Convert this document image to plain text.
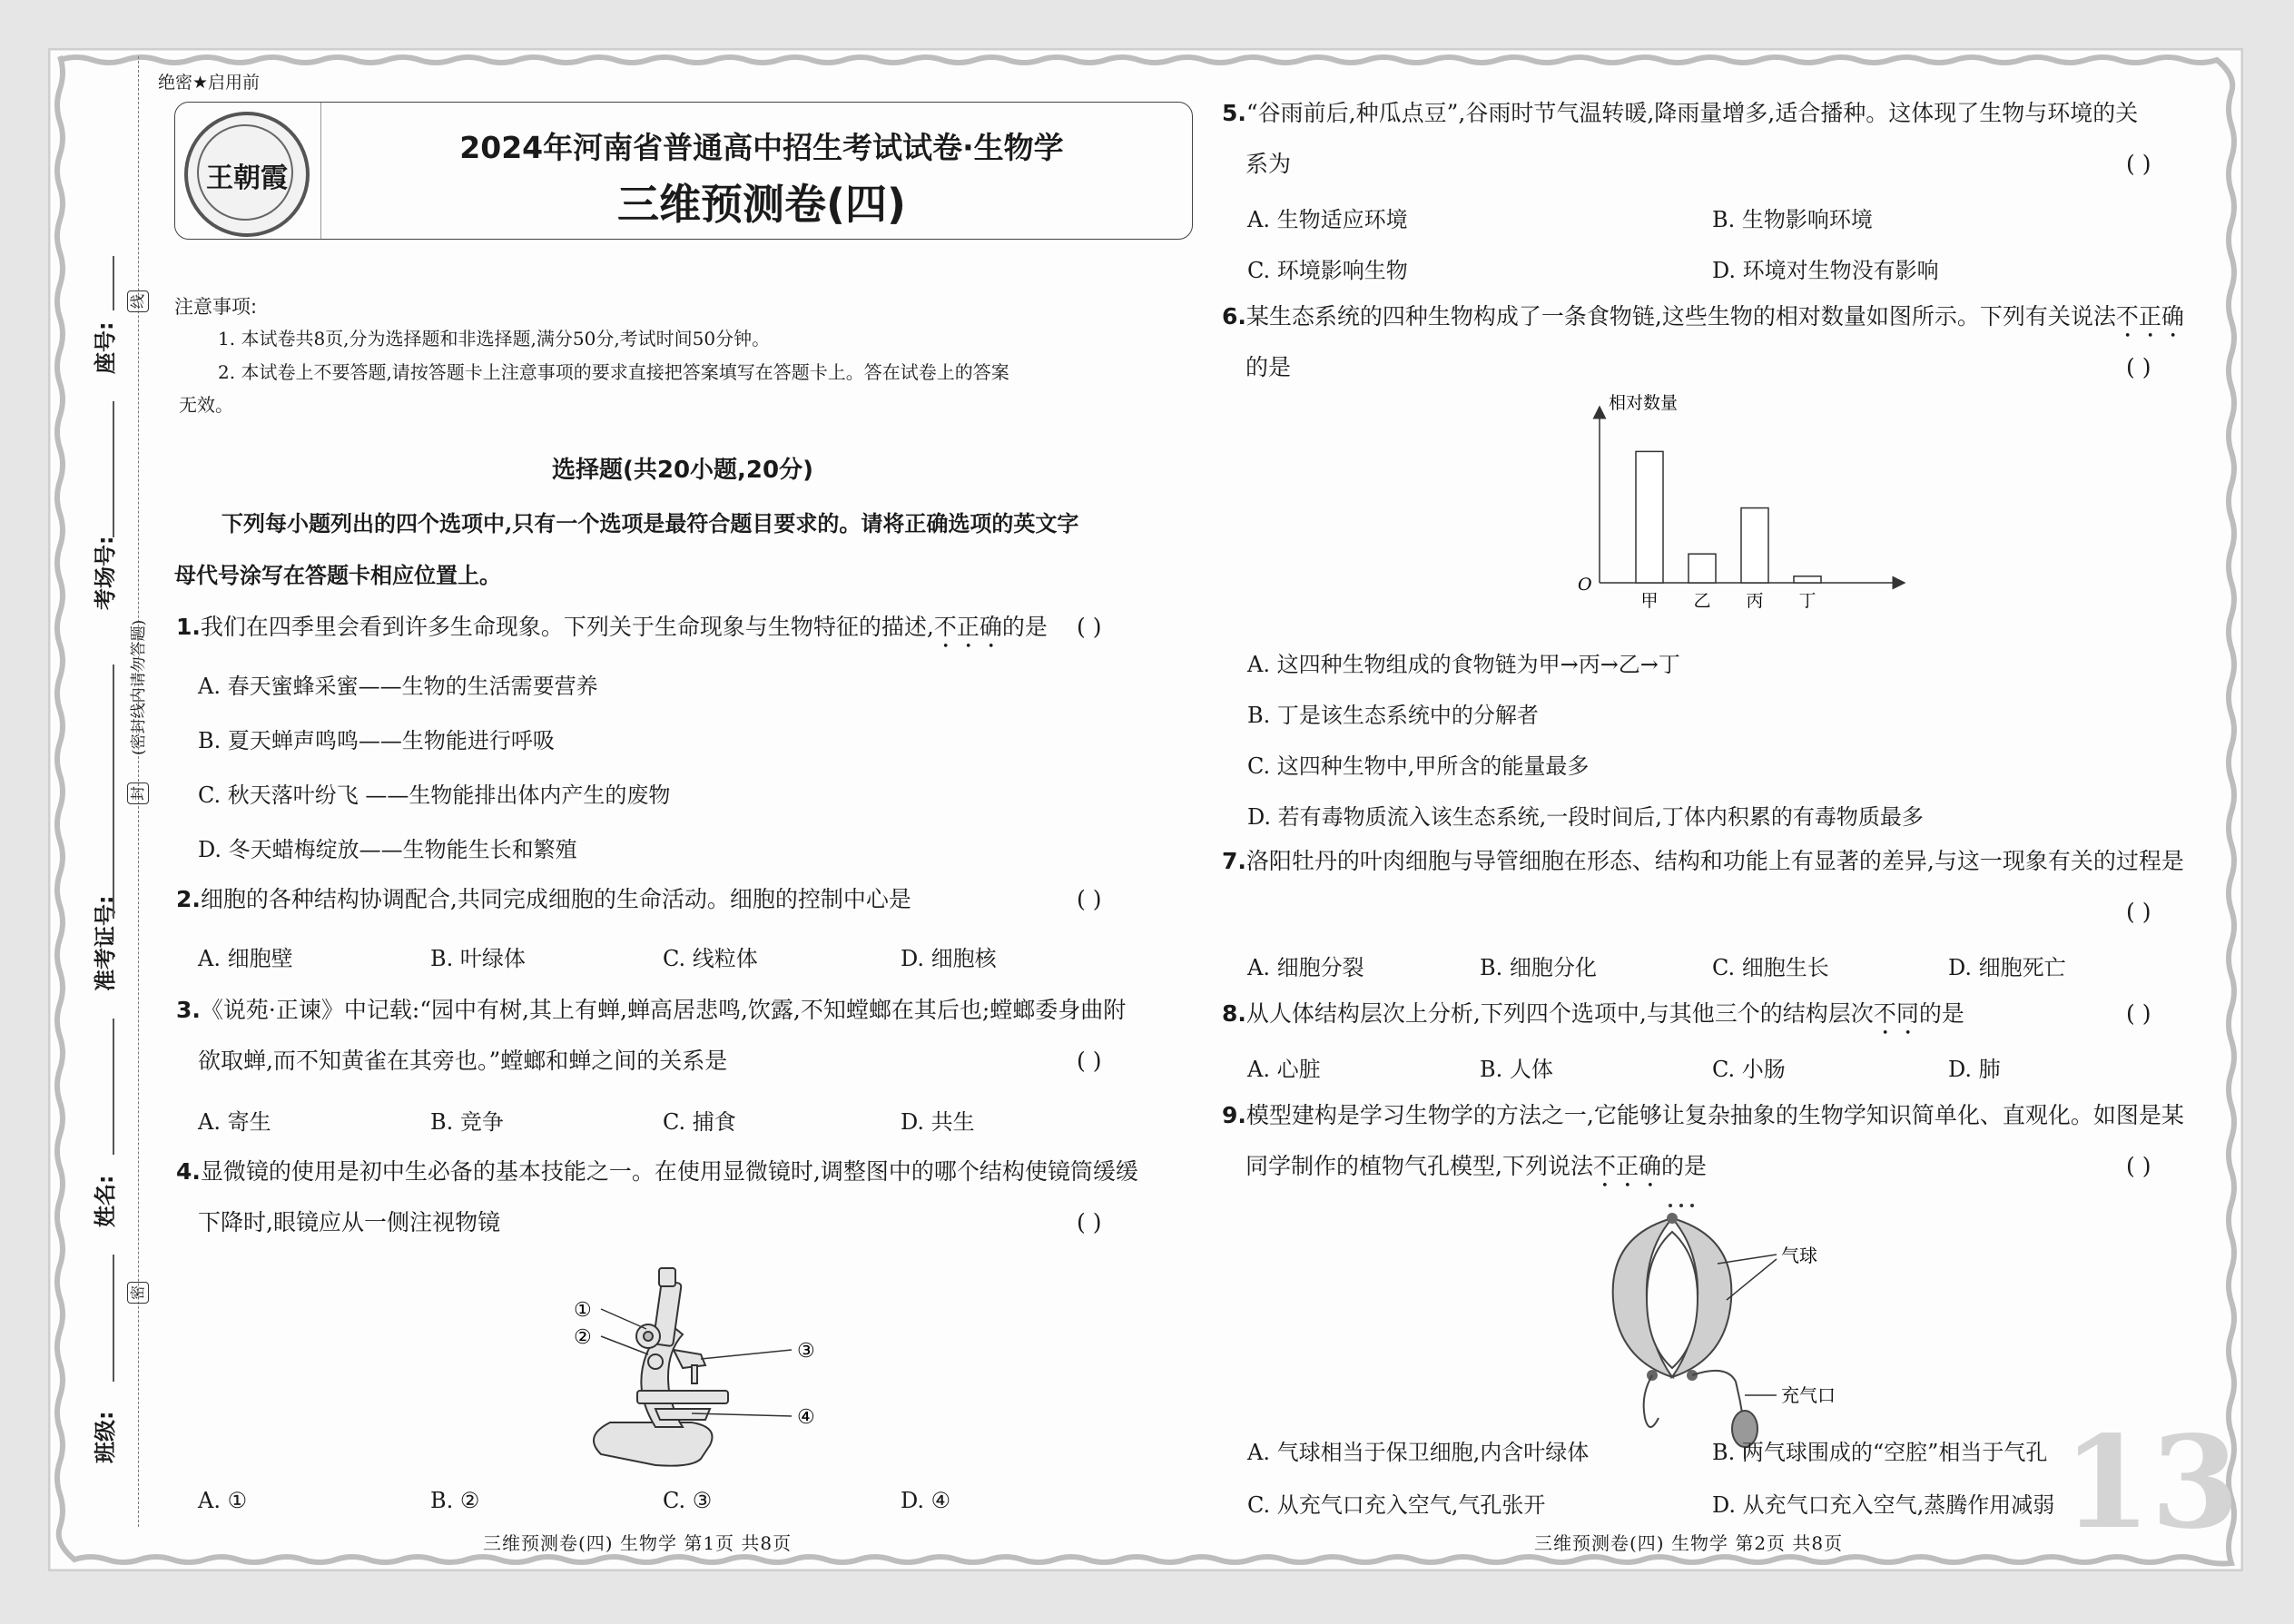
座号:
考场号:
准考证号:
姓名:
班级:
线
封
密
(密封线内请勿答题)
绝密★启用前
王朝霞
2024年河南省普通高中招生考试试卷·生物学
三维预测卷(四)
注意事项:
1. 本试卷共8页,分为选择题和非选择题,满分50分,考试时间50分钟。
2. 本试卷上不要答题,请按答题卡上注意事项的要求直接把答案填写在答题卡上。答在试卷上的答案
无效。
选择题(共20小题,20分)
下列每小题列出的四个选项中,只有一个选项是最符合题目要求的。请将正确选项的英文字
母代号涂写在答题卡相应位置上。
1.我们在四季里会看到许多生命现象。下列关于生命现象与生物特征的描述,不正确的是 ( )
A. 春天蜜蜂采蜜——生物的生活需要营养
B. 夏天蝉声鸣鸣——生物能进行呼吸
C. 秋天落叶纷飞 ——生物能排出体内产生的废物
D. 冬天蜡梅绽放——生物能生长和繁殖
2.细胞的各种结构协调配合,共同完成细胞的生命活动。细胞的控制中心是	( )
A. 细胞壁	B. 叶绿体	C. 线粒体	D. 细胞核
3.《说苑·正谏》中记载:“园中有树,其上有蝉,蝉高居悲鸣,饮露,不知螳螂在其后也;螳螂委身曲附
欲取蝉,而不知黄雀在其旁也。”螳螂和蝉之间的关系是	( )
A. 寄生	B. 竞争	C. 捕食	D. 共生
4.显微镜的使用是初中生必备的基本技能之一。在使用显微镜时,调整图中的哪个结构使镜筒缓缓
下降时,眼镜应从一侧注视物镜	( )
①
②
③
④
A. ①	B. ②	C. ③	D. ④
三维预测卷(四) 生物学 第1页 共8页
5.“谷雨前后,种瓜点豆”,谷雨时节气温转暖,降雨量增多,适合播种。这体现了生物与环境的关
系为	( )
A. 生物适应环境	B. 生物影响环境
C. 环境影响生物	D. 环境对生物没有影响
6.某生态系统的四种生物构成了一条食物链,这些生物的相对数量如图所示。下列有关说法不正确
的是	( )
相对数量
O
甲 乙 丙 丁
A. 这四种生物组成的食物链为甲→丙→乙→丁
B. 丁是该生态系统中的分解者
C. 这四种生物中,甲所含的能量最多
D. 若有毒物质流入该生态系统,一段时间后,丁体内积累的有毒物质最多
7.洛阳牡丹的叶肉细胞与导管细胞在形态、结构和功能上有显著的差异,与这一现象有关的过程是
( )
A. 细胞分裂	B. 细胞分化	C. 细胞生长	D. 细胞死亡
8.从人体结构层次上分析,下列四个选项中,与其他三个的结构层次不同的是	( )
A. 心脏	B. 人体	C. 小肠	D. 肺
9.模型建构是学习生物学的方法之一,它能够让复杂抽象的生物学知识简单化、直观化。如图是某
同学制作的植物气孔模型,下列说法不正确的是	( )
气球
充气口
A. 气球相当于保卫细胞,内含叶绿体	B. 两气球围成的“空腔”相当于气孔
C. 从充气口充入空气,气孔张开	D. 从充气口充入空气,蒸腾作用减弱
三维预测卷(四) 生物学 第2页 共8页 13
